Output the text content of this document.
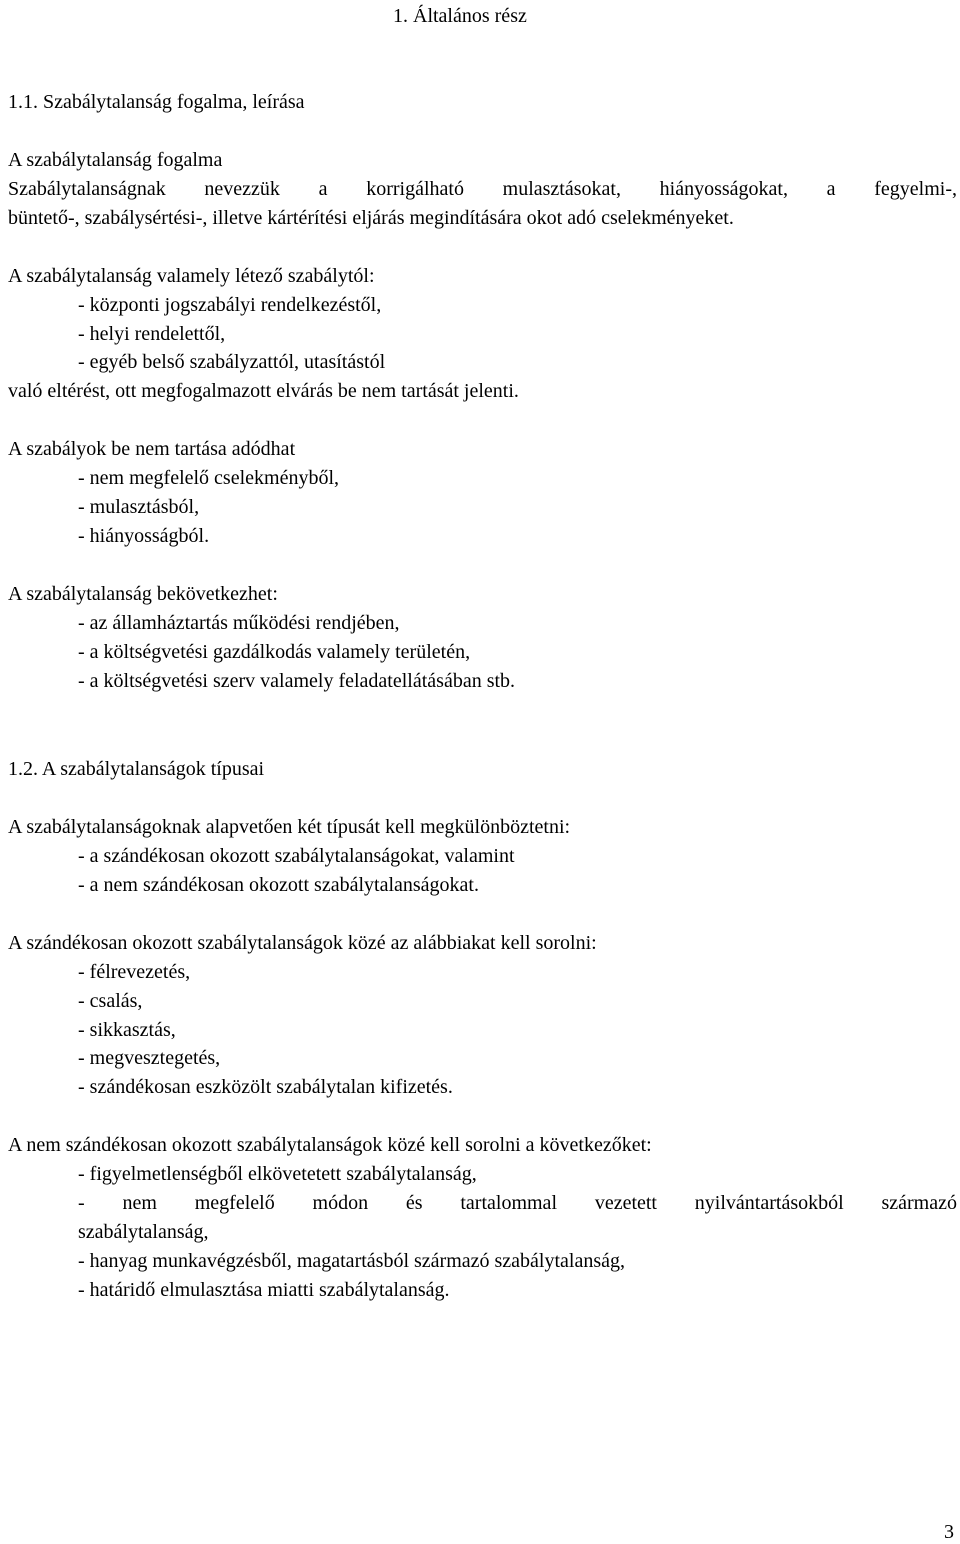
1. Általános rész
1.1. Szabálytalanság fogalma, leírása
A szabálytalanság fogalma
Szabálytalanságnak nevezzük a korrigálható mulasztásokat, hiányosságokat, a fegyelmi-,
büntető-, szabálysértési-, illetve kártérítési eljárás megindítására okot adó cselekményeket.
A szabálytalanság valamely létező szabálytól:
- központi jogszabályi rendelkezéstől,
- helyi rendelettől,
- egyéb belső szabályzattól, utasítástól
való eltérést, ott megfogalmazott elvárás be nem tartását jelenti.
A szabályok be nem tartása adódhat
- nem megfelelő cselekményből,
- mulasztásból,
- hiányosságból.
A szabálytalanság bekövetkezhet:
- az államháztartás működési rendjében,
- a költségvetési gazdálkodás valamely területén,
- a költségvetési szerv valamely feladatellátásában stb.
1.2. A szabálytalanságok típusai
A szabálytalanságoknak alapvetően két típusát kell megkülönböztetni:
- a szándékosan okozott szabálytalanságokat, valamint
- a nem szándékosan okozott szabálytalanságokat.
A szándékosan okozott szabálytalanságok közé az alábbiakat kell sorolni:
- félrevezetés,
- csalás,
- sikkasztás,
- megvesztegetés,
- szándékosan eszközölt szabálytalan kifizetés.
A nem szándékosan okozott szabálytalanságok közé kell sorolni a következőket:
- figyelmetlenségből elkövetetett szabálytalanság,
- nem megfelelő módon és tartalommal vezetett nyilvántartásokból származó
szabálytalanság,
- hanyag munkavégzésből, magatartásból származó szabálytalanság,
- határidő elmulasztása miatti szabálytalanság.
3
